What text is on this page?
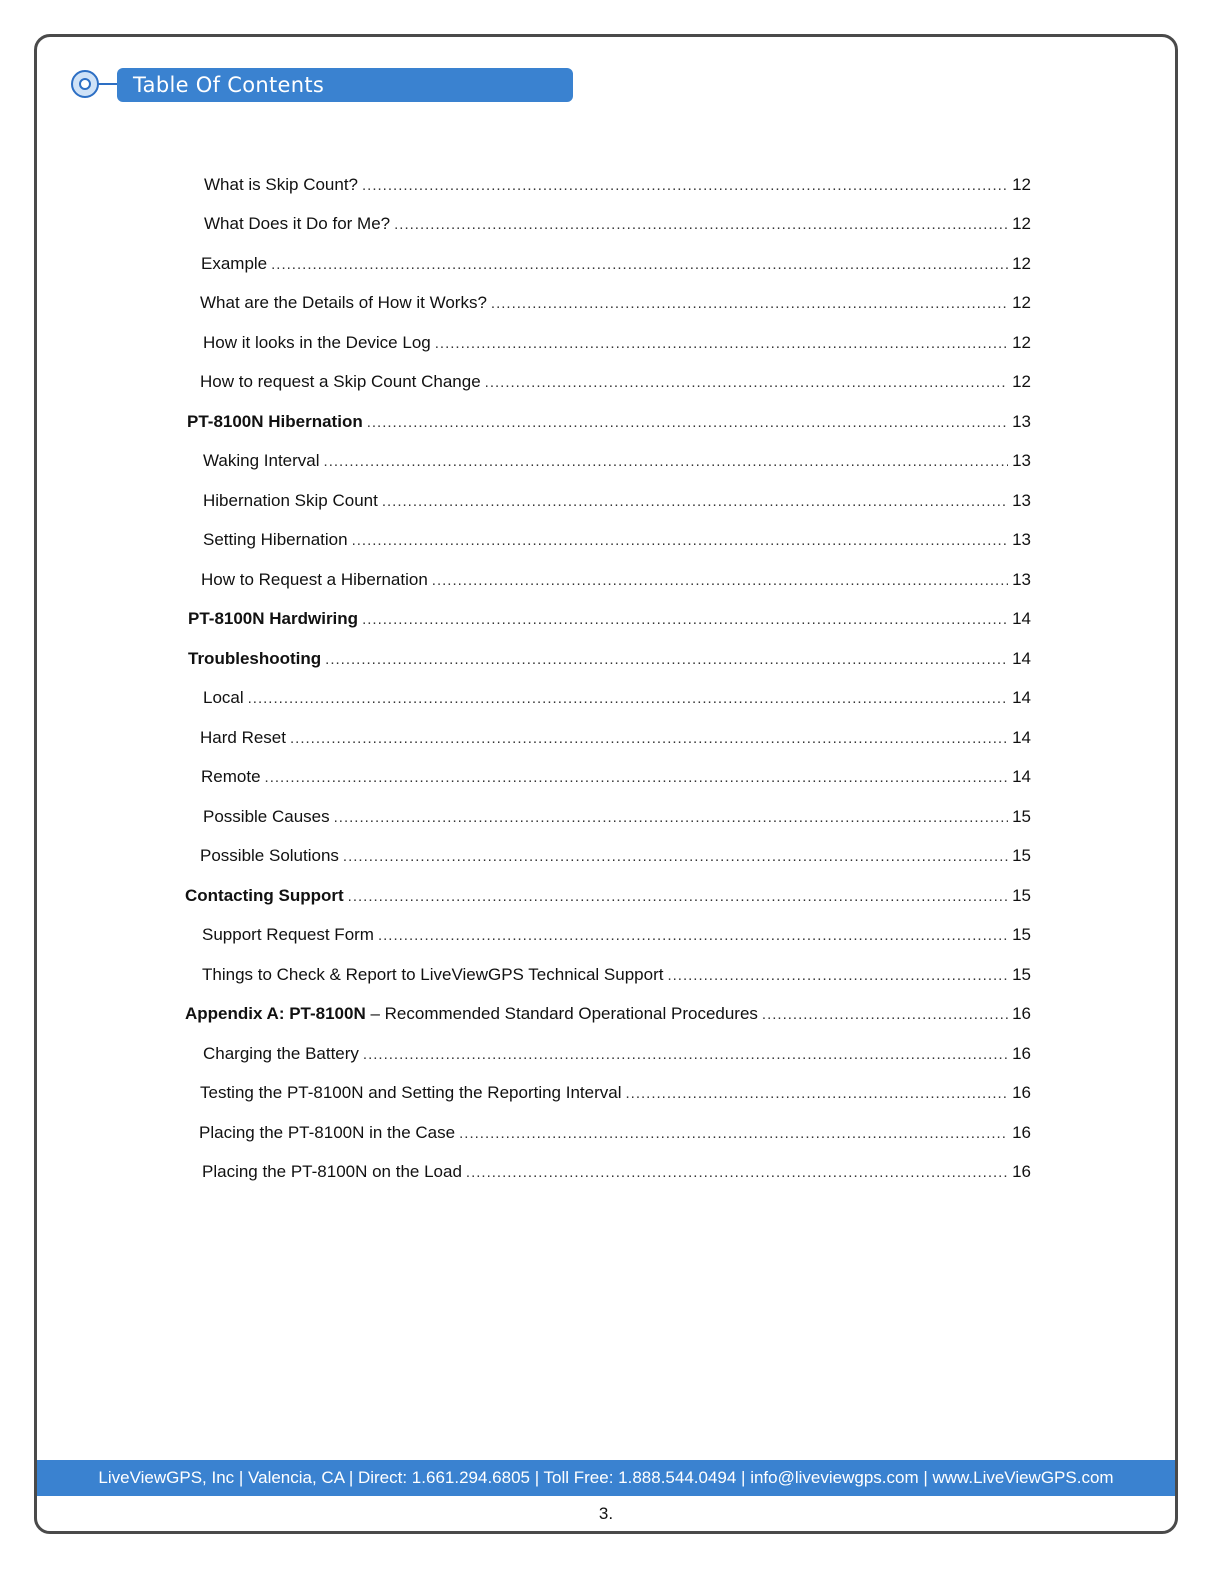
Table Of Contents
What is Skip Count? .....	12
What Does it Do for Me? .....	12
Example .....	12
What are the Details of How it Works? .....	12
How it looks in the Device Log .....	12
How to request a Skip Count Change .....	12
PT-8100N Hibernation .....	13
Waking Interval .....	13
Hibernation Skip Count .....	13
Setting Hibernation .....	13
How to Request a Hibernation .....	13
PT-8100N Hardwiring .....	14
Troubleshooting .....	14
Local .....	14
Hard Reset .....	14
Remote .....	14
Possible Causes .....	15
Possible Solutions .....	15
Contacting Support .....	15
Support Request Form .....	15
Things to Check & Report to LiveViewGPS Technical Support .....	15
Appendix A: PT-8100N – Recommended Standard Operational Procedures .....	16
Charging the Battery .....	16
Testing the PT-8100N and Setting the Reporting Interval .....	16
Placing the PT-8100N in the Case .....	16
Placing the PT-8100N on the Load .....	16
LiveViewGPS, Inc | Valencia, CA | Direct: 1.661.294.6805 | Toll Free: 1.888.544.0494 | info@liveviewgps.com | www.LiveViewGPS.com
3.
